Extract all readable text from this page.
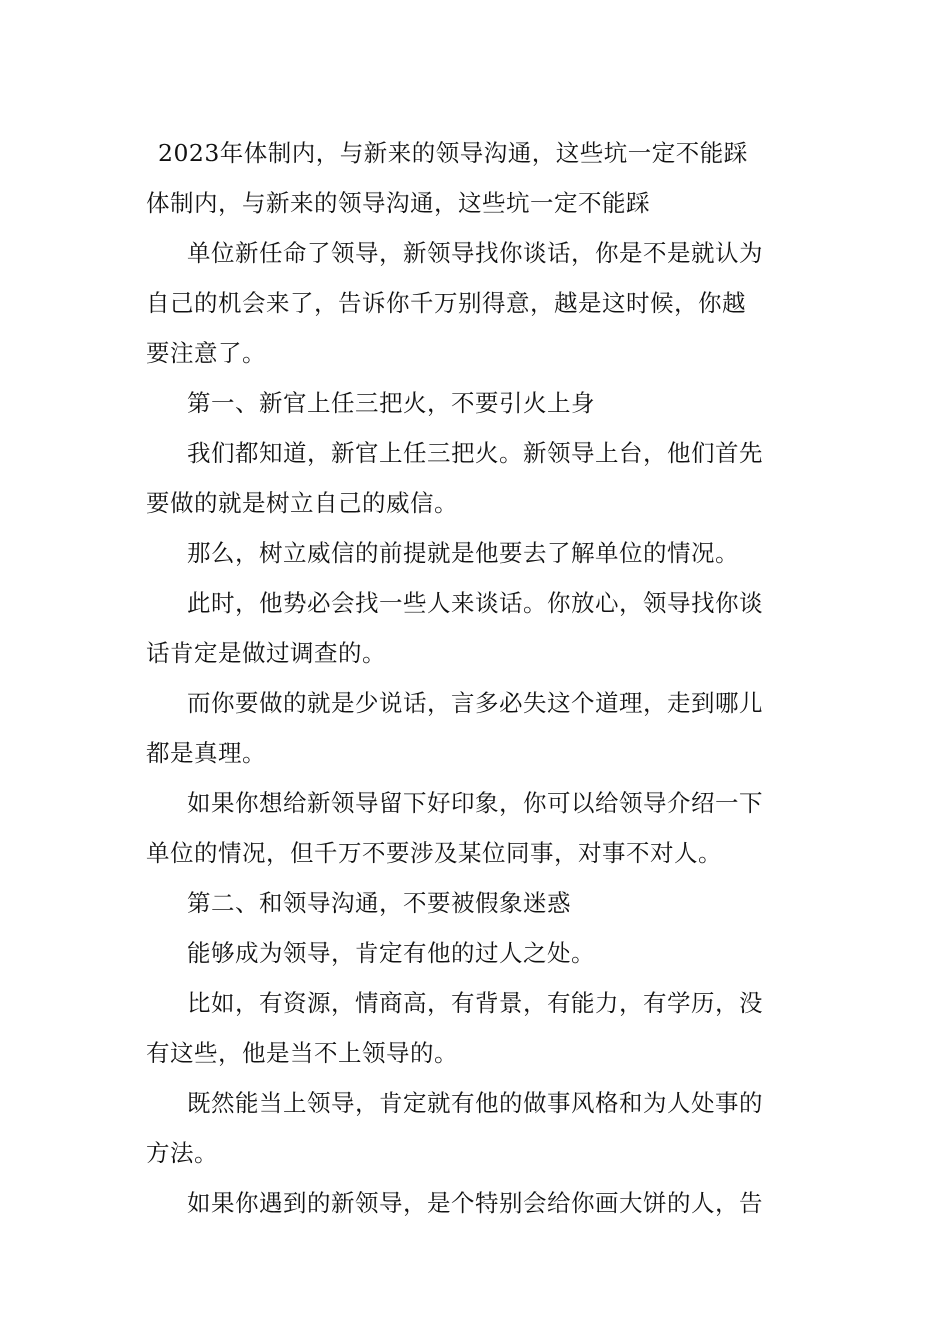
2023年体制内，与新来的领导沟通，这些坑一定不能踩
体制内，与新来的领导沟通，这些坑一定不能踩
单位新任命了领导，新领导找你谈话，你是不是就认为
自己的机会来了，告诉你千万别得意，越是这时候，你越
要注意了。
第一、新官上任三把火，不要引火上身
我们都知道，新官上任三把火。新领导上台，他们首先
要做的就是树立自己的威信。
那么，树立威信的前提就是他要去了解单位的情况。
此时，他势必会找一些人来谈话。你放心，领导找你谈
话肯定是做过调查的。
而你要做的就是少说话，言多必失这个道理，走到哪儿
都是真理。
如果你想给新领导留下好印象，你可以给领导介绍一下
单位的情况，但千万不要涉及某位同事，对事不对人。
第二、和领导沟通，不要被假象迷惑
能够成为领导，肯定有他的过人之处。
比如，有资源，情商高，有背景，有能力，有学历，没
有这些，他是当不上领导的。
既然能当上领导，肯定就有他的做事风格和为人处事的
方法。
如果你遇到的新领导，是个特别会给你画大饼的人，告
